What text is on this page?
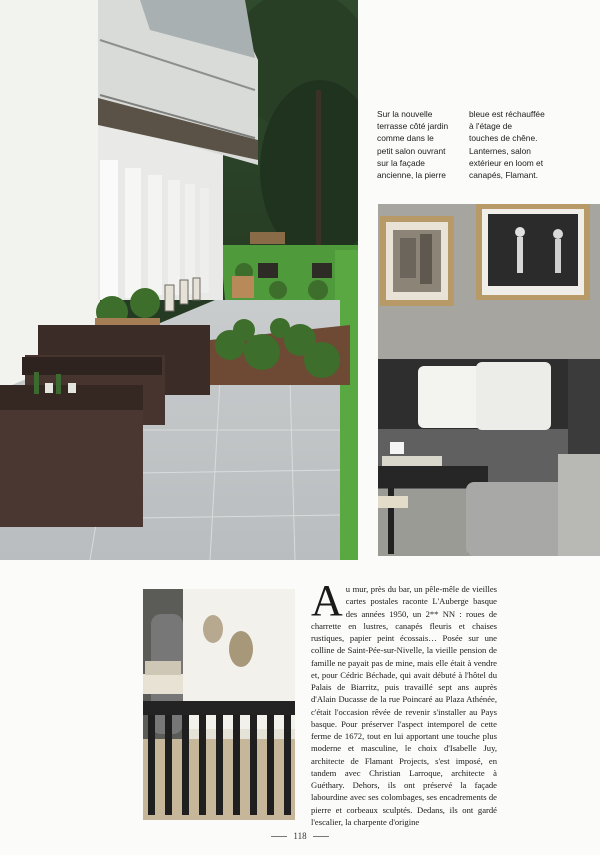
Sur la nouvelle
terrasse côté jardin
comme dans le
petit salon ouvrant
sur la façade
ancienne, la pierre
bleue est réchauffée
à l'étage de
touches de chêne.
Lanternes, salon
extérieur en loom et
canapés, Flamant.
Au mur, près du bar, un pêle-mêle de vieilles cartes postales raconte L'Auberge basque des années 1950, un 2** NN : roues de charrette en lustres, canapés fleuris et chaises rustiques, papier peint écossais… Posée sur une colline de Saint-Pée-sur-Nivelle, la vieille pension de famille ne payait pas de mine, mais elle était à vendre et, pour Cédric Béchade, qui avait débuté à l'hôtel du Palais de Biarritz, puis travaillé sept ans auprès d'Alain Ducasse de la rue Poincaré au Plaza Athénée, c'était l'occasion rêvée de revenir s'installer au Pays basque. Pour préserver l'aspect intemporel de cette ferme de 1672, tout en lui apportant une touche plus moderne et masculine, le choix d'Isabelle Juy, architecte de Flamant Projects, s'est imposé, en tandem avec Christian Larroque, architecte à Guéthary. Dehors, ils ont préservé la façade labourdine avec ses colombages, ses encadrements de pierre et corbeaux sculptés. Dedans, ils ont gardé l'escalier, la charpente d'origine
118
